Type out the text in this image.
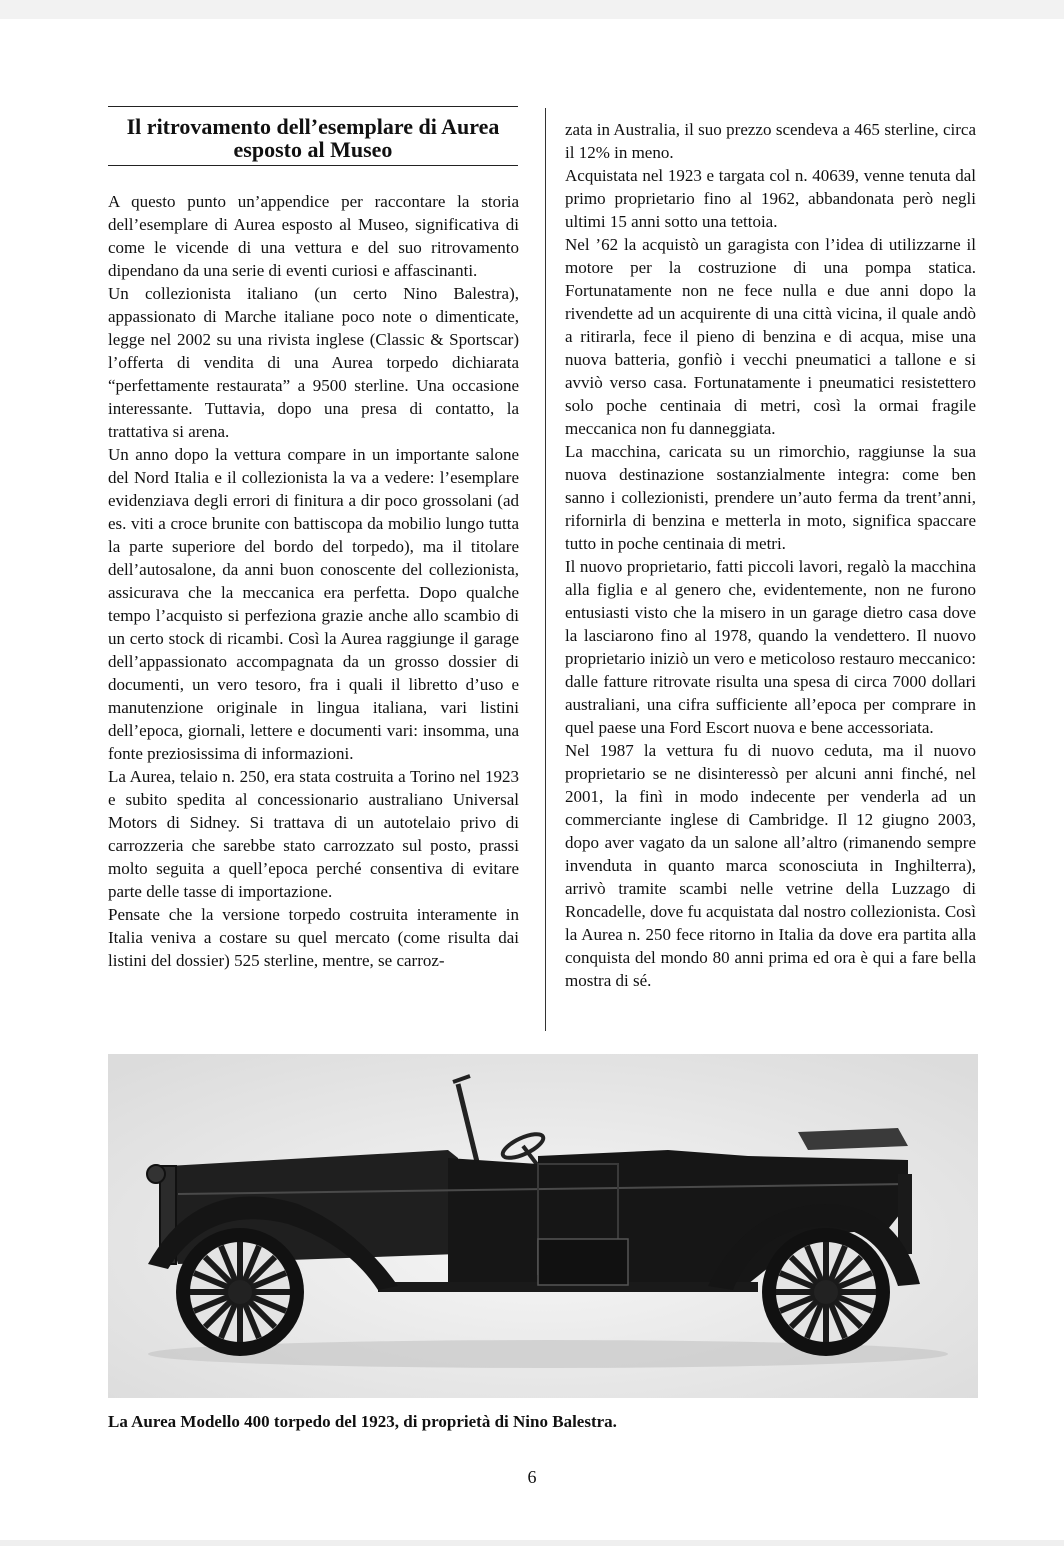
Il ritrovamento dell’esemplare di Aurea
esposto al Museo

A questo punto un’appendice per raccontare la storia dell’esemplare di Aurea esposto al Museo, significativa di come le vicende di una vettura e del suo ritrovamento dipendano da una serie di eventi curiosi e affascinanti.

Un collezionista italiano (un certo Nino Balestra), appassionato di Marche italiane poco note o dimenticate, legge nel 2002 su una rivista inglese (Classic & Sportscar) l’offerta di vendita di una Aurea torpedo dichiarata “perfettamente restaurata” a 9500 sterline. Una occasione interessante. Tuttavia, dopo una presa di contatto, la trattativa si arena.

Un anno dopo la vettura compare in un importante salone del Nord Italia e il collezionista la va a vedere: l’esemplare evidenziava degli errori di finitura a dir poco grossolani (ad es. viti a croce brunite con battiscopa da mobilio lungo tutta la parte superiore del bordo del torpedo), ma il titolare dell’autosalone, da anni buon conoscente del collezionista, assicurava che la meccanica era perfetta. Dopo qualche tempo l’acquisto si perfeziona grazie anche allo scambio di un certo stock di ricambi. Così la Aurea raggiunge il garage dell’appassionato accompagnata da un grosso dossier di documenti, un vero tesoro, fra i quali il libretto d’uso e manutenzione originale in lingua italiana, vari listini dell’epoca, giornali, lettere e documenti vari: insomma, una fonte preziosissima di informazioni.

La Aurea, telaio n. 250, era stata costruita a Torino nel 1923 e subito spedita al concessionario australiano Universal Motors di Sidney. Si trattava di un autotelaio privo di carrozzeria che sarebbe stato carrozzato sul posto, prassi molto seguita a quell’epoca perché consentiva di evitare parte delle tasse di importazione.

Pensate che la versione torpedo costruita interamente in Italia veniva a costare su quel mercato (come risulta dai listini del dossier) 525 sterline, mentre, se carroz-

zata in Australia, il suo prezzo scendeva a 465 sterline, circa il 12% in meno.

Acquistata nel 1923 e targata col n. 40639, venne tenuta dal primo proprietario fino al 1962, abbandonata però negli ultimi 15 anni sotto una tettoia.

Nel ’62 la acquistò un garagista con l’idea di utilizzarne il motore per la costruzione di una pompa statica. Fortunatamente non ne fece nulla e due anni dopo la rivendette ad un acquirente di una città vicina, il quale andò a ritirarla, fece il pieno di benzina e di acqua, mise una nuova batteria, gonfiò i vecchi pneumatici a tallone e si avviò verso casa. Fortunatamente i pneumatici resistettero solo poche centinaia di metri, così la ormai fragile meccanica non fu danneggiata.

La macchina, caricata su un rimorchio, raggiunse la sua nuova destinazione sostanzialmente integra: come ben sanno i collezionisti, prendere un’auto ferma da trent’anni, rifornirla di benzina e metterla in moto, significa spaccare tutto in poche centinaia di metri.

Il nuovo proprietario, fatti piccoli lavori, regalò la macchina alla figlia e al genero che, evidentemente, non ne furono entusiasti visto che la misero in un garage dietro casa dove la lasciarono fino al 1978, quando la vendettero. Il nuovo proprietario iniziò un vero e meticoloso restauro meccanico: dalle fatture ritrovate risulta una spesa di circa 7000 dollari australiani, una cifra sufficiente all’epoca per comprare in quel paese una Ford Escort nuova e bene accessoriata.

Nel 1987 la vettura fu di nuovo ceduta, ma il nuovo proprietario se ne disinteressò per alcuni anni finché, nel 2001, la finì in modo indecente per venderla ad un commerciante inglese di Cambridge. Il 12 giugno 2003, dopo aver vagato da un salone all’altro (rimanendo sempre invenduta in quanto marca sconosciuta in Inghilterra), arrivò tramite scambi nelle vetrine della Luzzago di Roncadelle, dove fu acquistata dal nostro collezionista. Così la Aurea n. 250 fece ritorno in Italia da dove era partita alla conquista del mondo 80 anni prima ed ora è qui a fare bella mostra di sé.

La Aurea Modello 400 torpedo del 1923, di proprietà di Nino Balestra.
6
